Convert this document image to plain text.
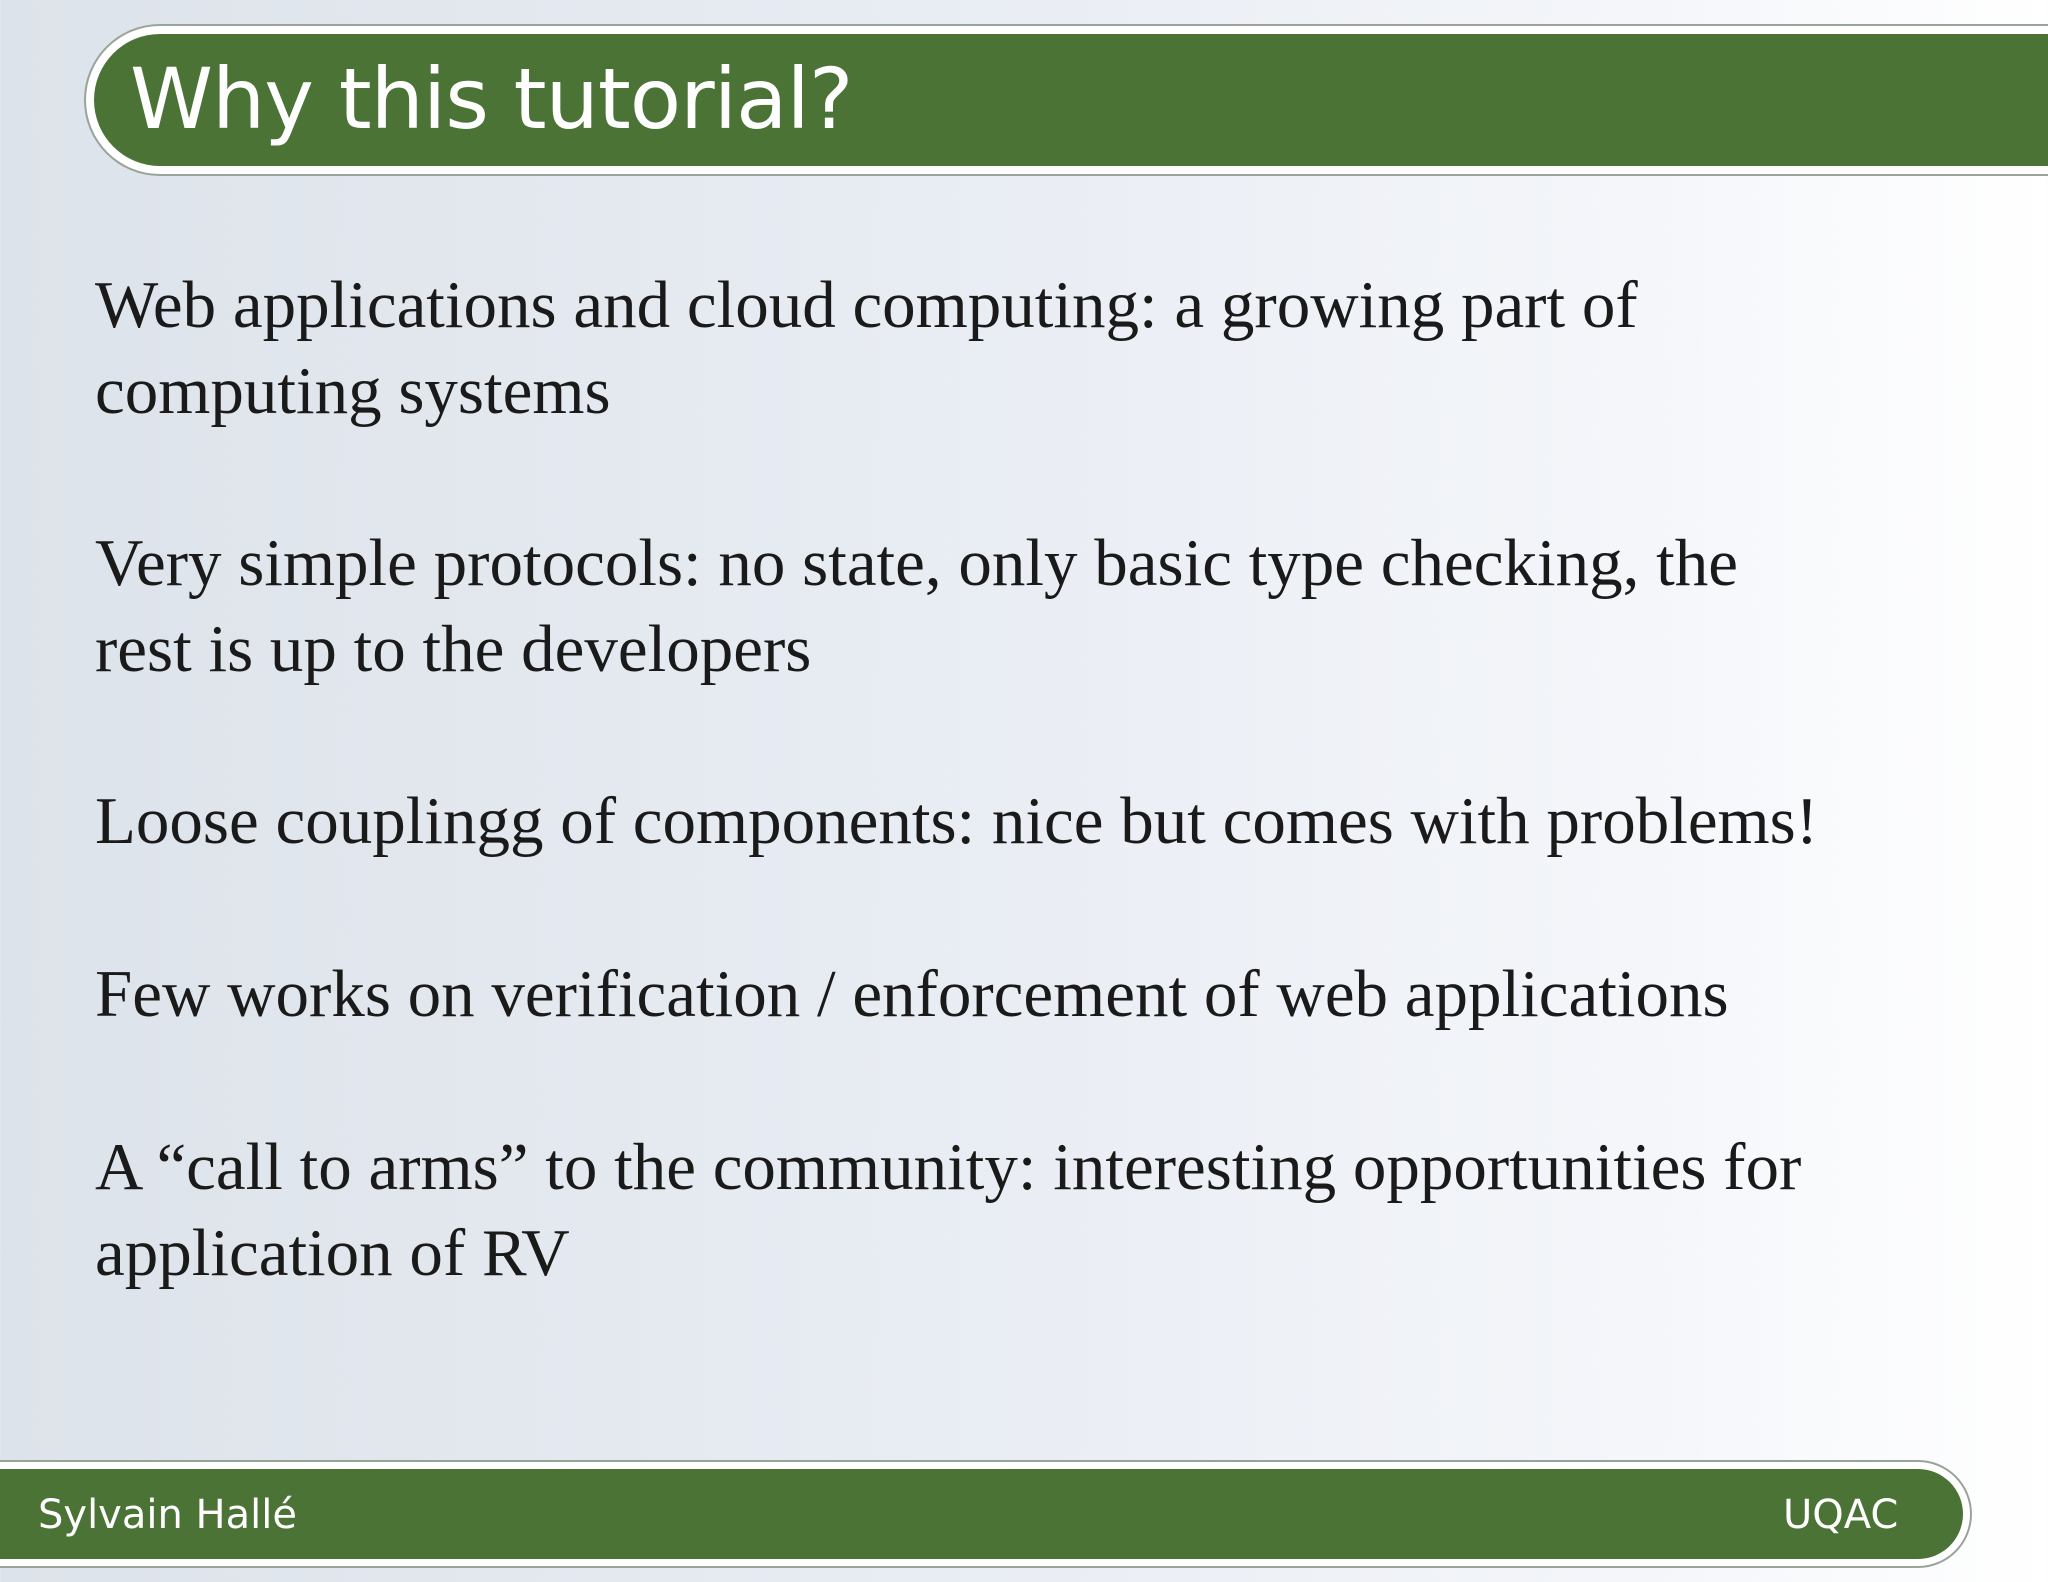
Why this tutorial?
Web applications and cloud computing: a growing part of
computing systems
Very simple protocols: no state, only basic type checking, the
rest is up to the developers
Loose couplingg of components: nice but comes with problems!
Few works on verification / enforcement of web applications
A “call to arms” to the community: interesting opportunities for
application of RV
Sylvain Hallé	UQAC
